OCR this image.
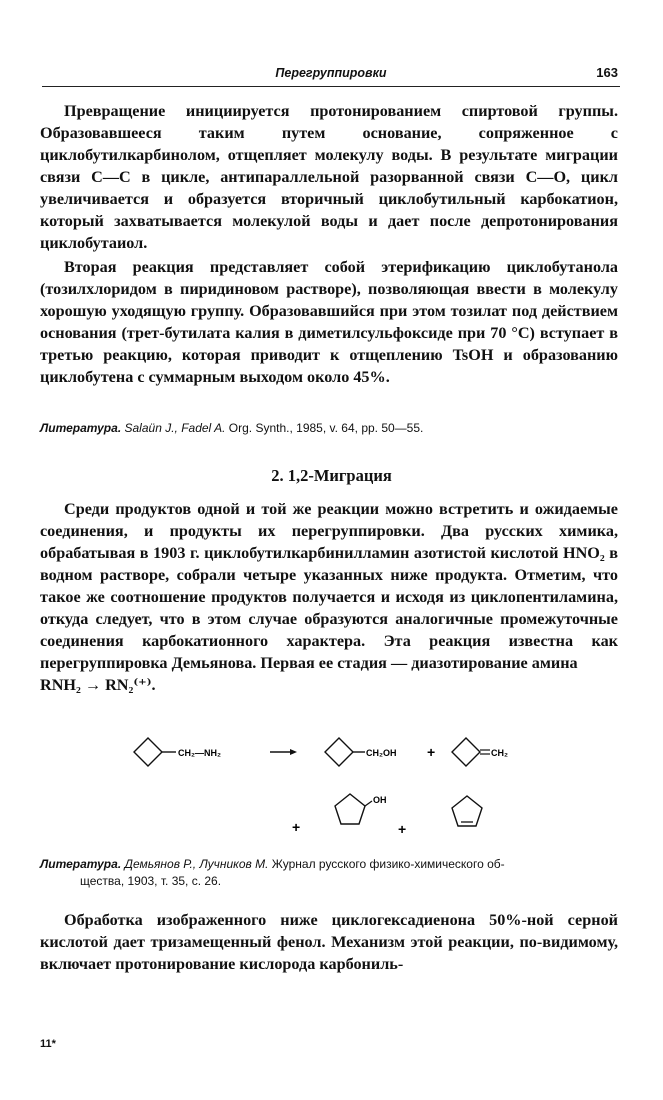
Перегруппировки	163
Превращение инициируется протонированием спиртовой группы. Образовавшееся таким путем основание, сопряженное с циклобутилкарбинолом, отщепляет молекулу воды. В результате миграции связи С—С в цикле, антипараллельной разорванной связи С—О, цикл увеличивается и образуется вторичный циклобутильный карбокатион, который захватывается молекулой воды и дает после депротонирования циклобутаиол.
Вторая реакция представляет собой этерификацию циклобутанола (тозилхлоридом в пиридиновом растворе), позволяющая ввести в молекулу хорошую уходящую группу. Образовавшийся при этом тозилат под действием основания (трет-бутилата калия в диметилсульфоксиде при 70 °С) вступает в третью реакцию, которая приводит к отщеплению TsOH и образованию циклобутена с суммарным выходом около 45%.
Литература. Salaün J., Fadel A. Org. Synth., 1985, v. 64, pp. 50—55.
2. 1,2-Миграция
Среди продуктов одной и той же реакции можно встретить и ожидаемые соединения, и продукты их перегруппировки. Два русских химика, обрабатывая в 1903 г. циклобутилкарбинилламин азотистой кислотой HNO₂ в водном растворе, собрали четыре указанных ниже продукта. Отметим, что такое же соотношение продуктов получается и исходя из циклопентиламина, откуда следует, что в этом случае образуются аналогичные промежуточные соединения карбокатионного характера. Эта реакция известна как перегруппировка Демьянова. Первая ее стадия — диазотирование амина
RNH₂ → RN₂⁽⁺⁾.
CH₂—NH₂	CH₂OH +	CH₂
+
OH
+
Литература. Демьянов Р., Лучников М. Журнал русского физико-химического об-
щества, 1903, т. 35, с. 26.
Обработка изображенного ниже циклогексадиенона 50%-ной серной кислотой дает тризамещенный фенол. Механизм этой реакции, по-видимому, включает протонирование кислорода карбониль-
11*
